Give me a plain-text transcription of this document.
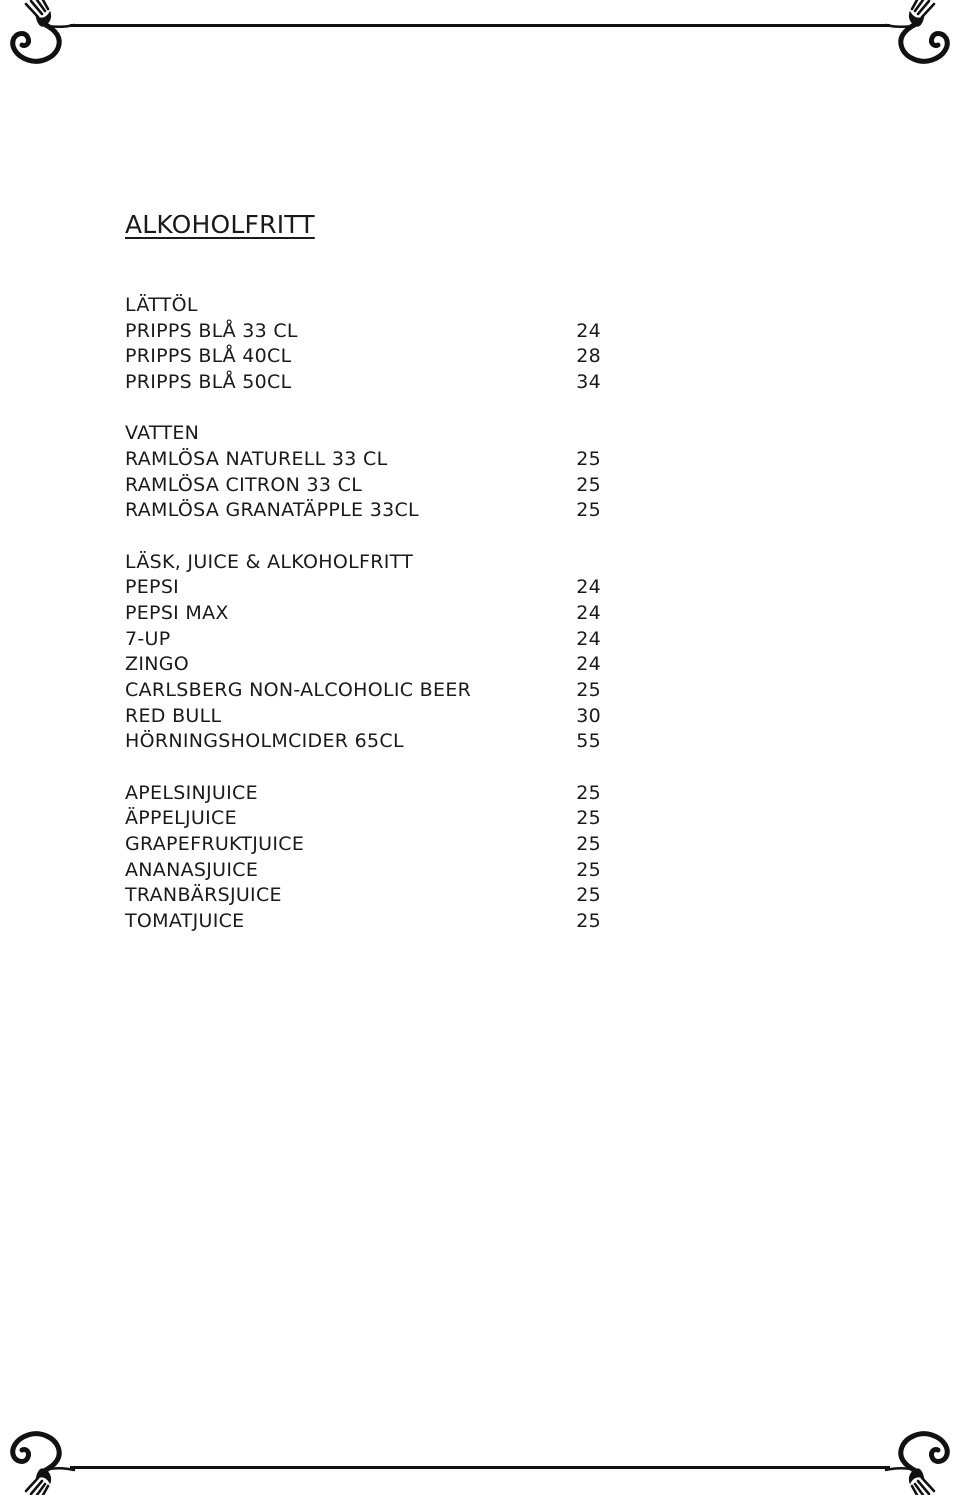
ALKOHOLFRITT
LÄTTÖL
PRIPPS BLÅ 33 CL	24
PRIPPS BLÅ 40CL	28
PRIPPS BLÅ 50CL	34
VATTEN
RAMLÖSA NATURELL 33 CL	25
RAMLÖSA CITRON 33 CL	25
RAMLÖSA GRANATÄPPLE 33CL	25
LÄSK, JUICE & ALKOHOLFRITT
PEPSI	24
PEPSI MAX	24
7-UP	24
ZINGO	24
CARLSBERG NON-ALCOHOLIC BEER	25
RED BULL	30
HÖRNINGSHOLMCIDER 65CL	55
APELSINJUICE	25
ÄPPELJUICE	25
GRAPEFRUKTJUICE	25
ANANASJUICE	25
TRANBÄRSJUICE	25
TOMATJUICE	25
